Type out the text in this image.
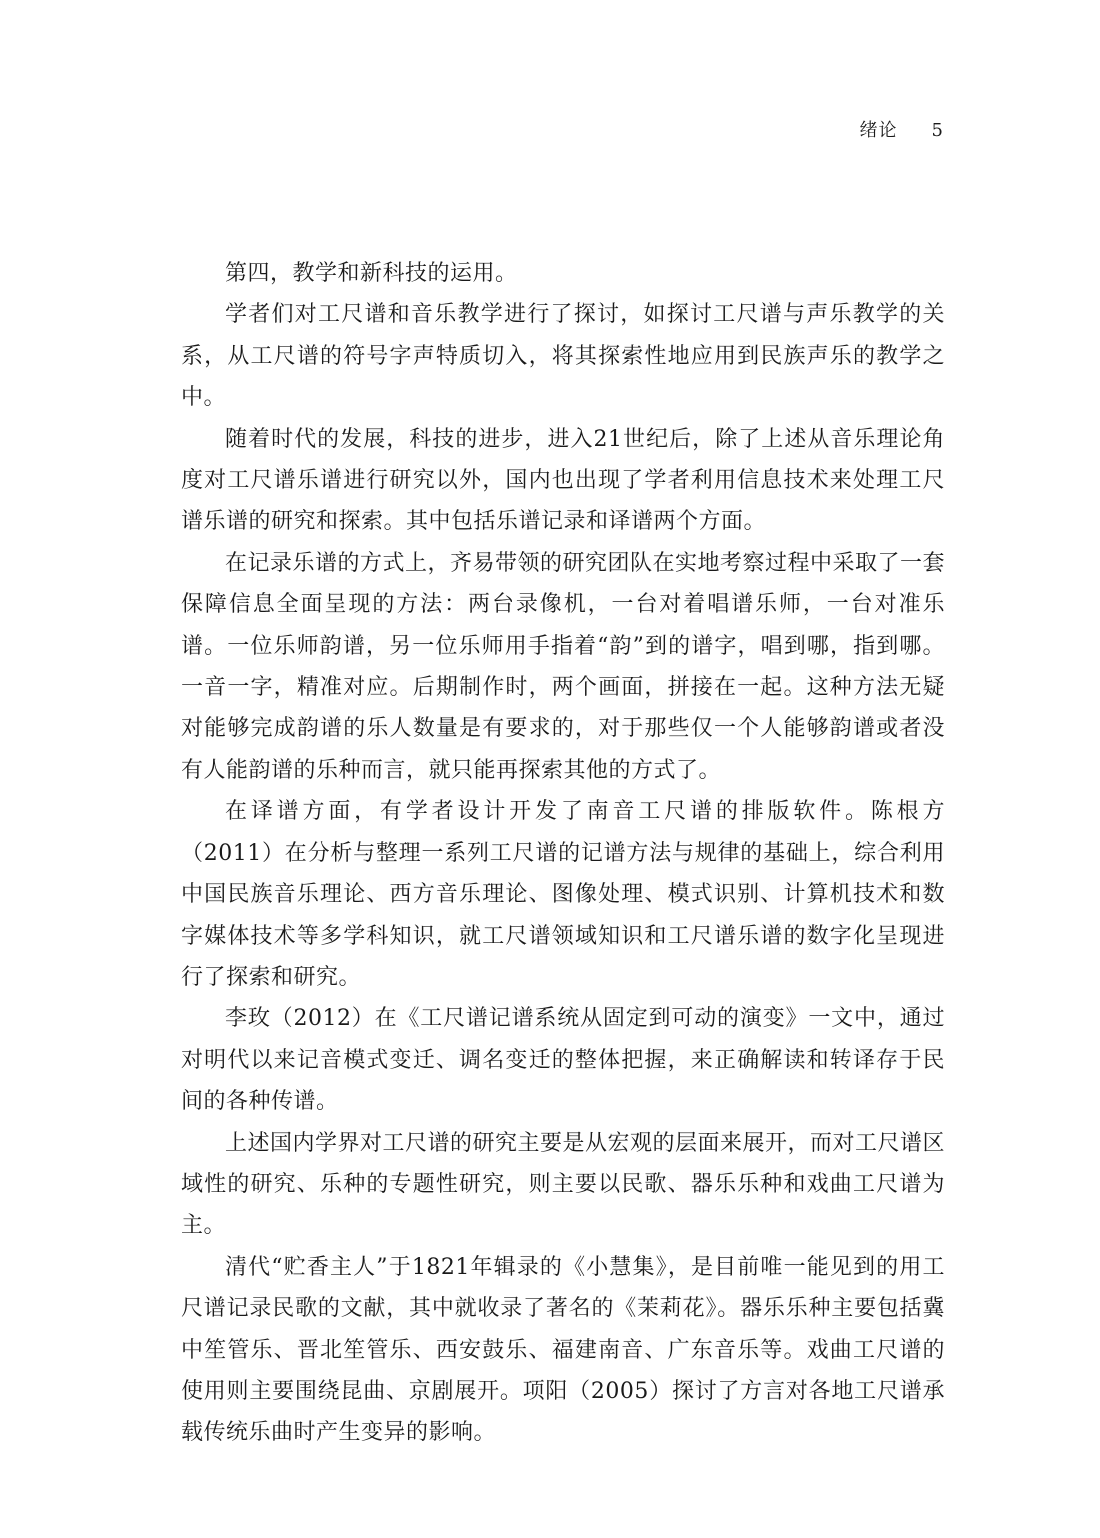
绪论 5

第四，教学和新科技的运用。

学者们对工尺谱和音乐教学进行了探讨，如探讨工尺谱与声乐教学的关系，从工尺谱的符号字声特质切入，将其探索性地应用到民族声乐的教学之中。

随着时代的发展，科技的进步，进入21世纪后，除了上述从音乐理论角度对工尺谱乐谱进行研究以外，国内也出现了学者利用信息技术来处理工尺谱乐谱的研究和探索。其中包括乐谱记录和译谱两个方面。

在记录乐谱的方式上，齐易带领的研究团队在实地考察过程中采取了一套保障信息全面呈现的方法：两台录像机，一台对着唱谱乐师，一台对准乐谱。一位乐师韵谱，另一位乐师用手指着“韵”到的谱字，唱到哪，指到哪。一音一字，精准对应。后期制作时，两个画面，拼接在一起。这种方法无疑对能够完成韵谱的乐人数量是有要求的，对于那些仅一个人能够韵谱或者没有人能韵谱的乐种而言，就只能再探索其他的方式了。

在译谱方面，有学者设计开发了南音工尺谱的排版软件。陈根方（2011）在分析与整理一系列工尺谱的记谱方法与规律的基础上，综合利用中国民族音乐理论、西方音乐理论、图像处理、模式识别、计算机技术和数字媒体技术等多学科知识，就工尺谱领域知识和工尺谱乐谱的数字化呈现进行了探索和研究。

李玫（2012）在《工尺谱记谱系统从固定到可动的演变》一文中，通过对明代以来记音模式变迁、调名变迁的整体把握，来正确解读和转译存于民间的各种传谱。

上述国内学界对工尺谱的研究主要是从宏观的层面来展开，而对工尺谱区域性的研究、乐种的专题性研究，则主要以民歌、器乐乐种和戏曲工尺谱为主。

清代“贮香主人”于1821年辑录的《小慧集》，是目前唯一能见到的用工尺谱记录民歌的文献，其中就收录了著名的《茉莉花》。器乐乐种主要包括冀中笙管乐、晋北笙管乐、西安鼓乐、福建南音、广东音乐等。戏曲工尺谱的使用则主要围绕昆曲、京剧展开。项阳（2005）探讨了方言对各地工尺谱承载传统乐曲时产生变异的影响。
